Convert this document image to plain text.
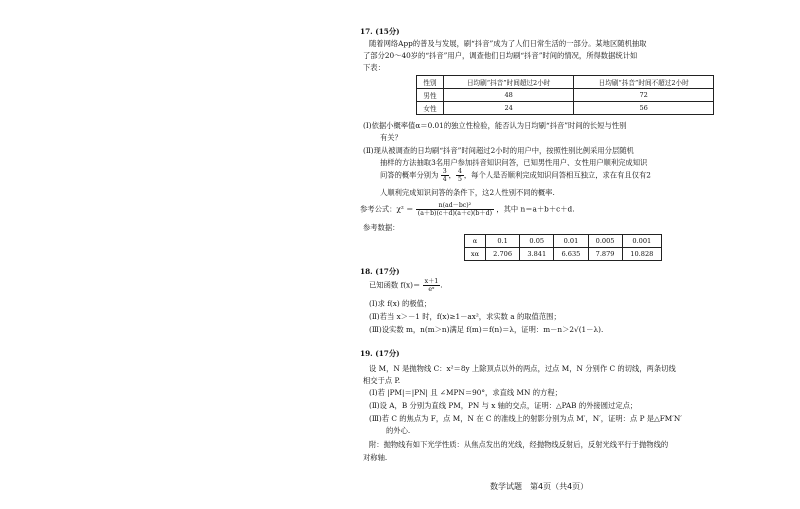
17. (15分)
随着网络App的普及与发展，刷“抖音”成为了人们日常生活的一部分。某地区随机抽取
了部分20～40岁的“抖音”用户，调查他们日均刷“抖音”时间的情况，所得数据统计如
下表：
性别	日均刷“抖音”时间超过2小时	日均刷“抖音”时间不超过2小时
男性	48	72
女性	24	56
(Ⅰ)依据小概率值α＝0.01的独立性检验，能否认为日均刷“抖音”时间的长短与性别
有关？
(Ⅱ)现从被调查的日均刷“抖音”时间超过2小时的用户中，按照性别比例采用分层随机
抽样的方法抽取3名用户参加抖音知识问答，已知男性用户、女性用户顺利完成知识
问答的概率分别为 $\frac{3}{4}$ ， $\frac{4}{5}$ ，每个人是否顺利完成知识问答相互独立，求在有且仅有2
人顺利完成知识问答的条件下，这2人性别不同的概率.
参考公式：$\chi^2 = \frac{\text{n(ad－bc)²}}{(a+b)(c+d)(a+c)(b+d)}$ ，其中 n＝a＋b＋c＋d.
参考数据：
α	0.1	0.05	0.01	0.005	0.001
xα	2.706	3.841	6.635	7.879	10.828
18. (17分)
已知函数 $f(x)= \frac{x+1}{\text{eˣ}}$ .
(Ⅰ)求 f(x) 的极值；
(Ⅱ)若当 x＞－1 时，f(x)≥1－ax²，求实数 a 的取值范围；
(Ⅲ)设实数 m，n(m＞n)满足 f(m)＝f(n)＝λ，证明：m－n＞2√(1－λ).
19. (17分)
设 M，N 是抛物线 C：x²＝8y 上除顶点以外的两点，过点 M，N 分别作 C 的切线，两条切线
相交于点 P.
(Ⅰ)若 |PM|＝|PN| 且 ∠MPN＝90°，求直线 MN 的方程；
(Ⅱ)设 A，B 分别为直线 PM，PN 与 x 轴的交点，证明：△PAB 的外接圆过定点；
(Ⅲ)若 C 的焦点为 F，点 M，N 在 C 的准线上的射影分别为点 M′，N′，证明：点 P 是△FM′N′
的外心.
附：抛物线有如下光学性质：从焦点发出的光线，经抛物线反射后，反射光线平行于抛物线的
对称轴.
数学试题　第4页（共4页）
